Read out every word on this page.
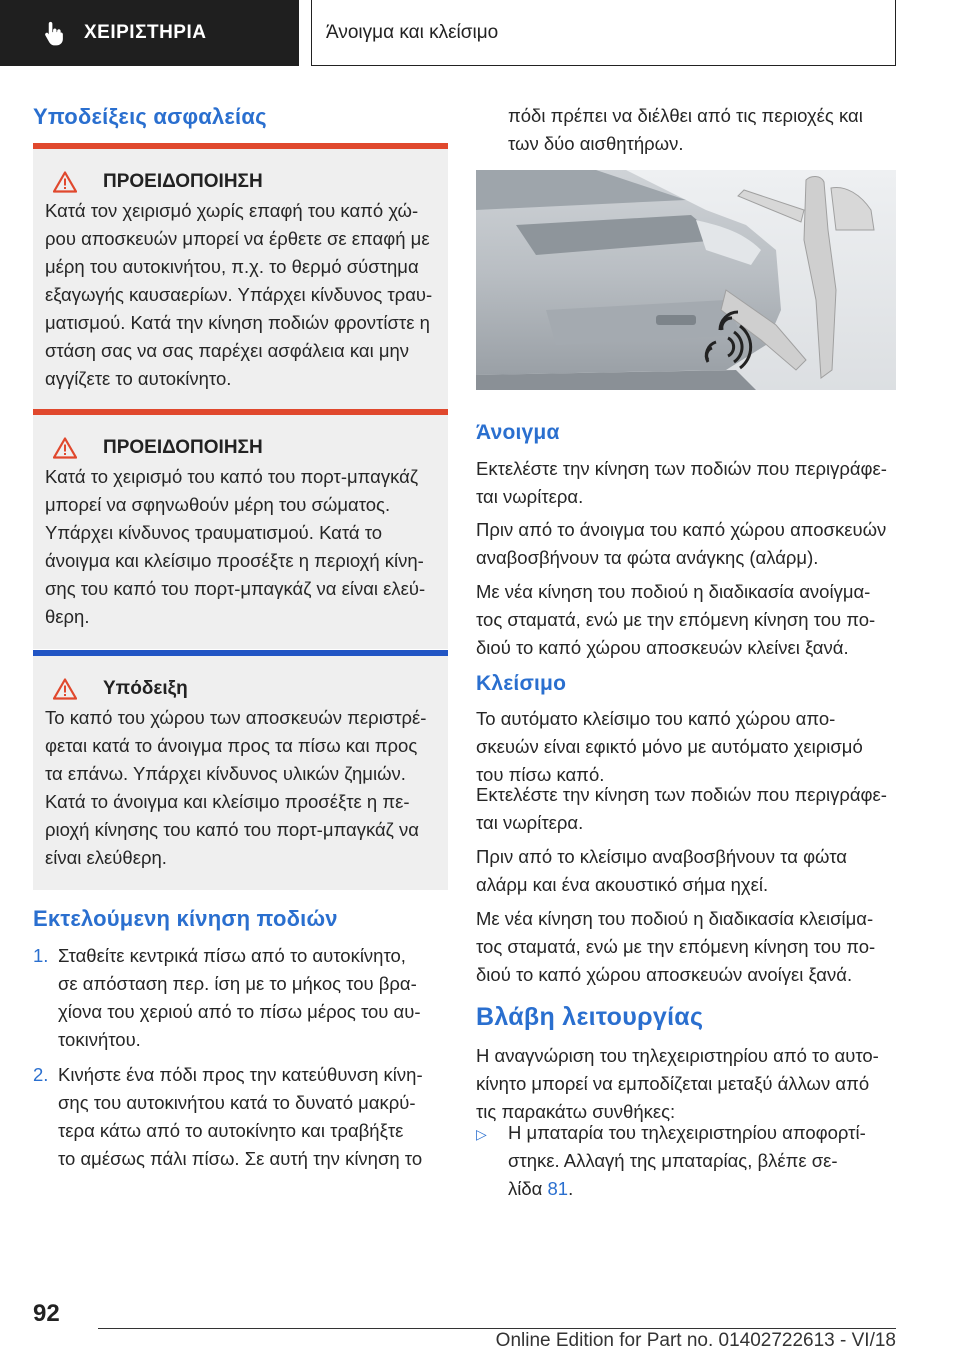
ΧΕΙΡΙΣΤΗΡΙΑ	Άνοιγμα και κλείσιμο
Υποδείξεις ασφαλείας
ΠΡΟΕΙΔΟΠΟΙΗΣΗ

Κατά τον χειρισμό χωρίς επαφή του καπό χώ-
ρου αποσκευών μπορεί να έρθετε σε επαφή με
μέρη του αυτοκινήτου, π.χ. το θερμό σύστημα
εξαγωγής καυσαερίων. Υπάρχει κίνδυνος τραυ-
ματισμού. Κατά την κίνηση ποδιών φροντίστε η
στάση σας να σας παρέχει ασφάλεια και μην
αγγίζετε το αυτοκίνητο.

ΠΡΟΕΙΔΟΠΟΙΗΣΗ

Κατά το χειρισμό του καπό του πορτ-μπαγκάζ
μπορεί να σφηνωθούν μέρη του σώματος.
Υπάρχει κίνδυνος τραυματισμού. Κατά το
άνοιγμα και κλείσιμο προσέξτε η περιοχή κίνη-
σης του καπό του πορτ-μπαγκάζ να είναι ελεύ-
θερη.

Υπόδειξη

Το καπό του χώρου των αποσκευών περιστρέ-
φεται κατά το άνοιγμα προς τα πίσω και προς
τα επάνω. Υπάρχει κίνδυνος υλικών ζημιών.
Κατά το άνοιγμα και κλείσιμο προσέξτε η πε-
ριοχή κίνησης του καπό του πορτ-μπαγκάζ να
είναι ελεύθερη.

Εκτελούμενη κίνηση ποδιών
1. Σταθείτε κεντρικά πίσω από το αυτοκίνητο,
σε απόσταση περ. ίση με το μήκος του βρα-
χίονα του χεριού από το πίσω μέρος του αυ-
τοκινήτου.
2. Κινήστε ένα πόδι προς την κατεύθυνση κίνη-
σης του αυτοκινήτου κατά το δυνατό μακρύ-
τερα κάτω από το αυτοκίνητο και τραβήξτε
το αμέσως πάλι πίσω. Σε αυτή την κίνηση το

πόδι πρέπει να διέλθει από τις περιοχές και
των δύο αισθητήρων.

Άνοιγμα

Εκτελέστε την κίνηση των ποδιών που περιγράφε-
ται νωρίτερα.

Πριν από το άνοιγμα του καπό χώρου αποσκευών
αναβοσβήνουν τα φώτα ανάγκης (αλάρμ).

Με νέα κίνηση του ποδιού η διαδικασία ανοίγμα-
τος σταματά, ενώ με την επόμενη κίνηση του πο-
διού το καπό χώρου αποσκευών κλείνει ξανά.

Κλείσιμο

Το αυτόματο κλείσιμο του καπό χώρου απο-
σκευών είναι εφικτό μόνο με αυτόματο χειρισμό
του πίσω καπό.

Εκτελέστε την κίνηση των ποδιών που περιγράφε-
ται νωρίτερα.

Πριν από το κλείσιμο αναβοσβήνουν τα φώτα
αλάρμ και ένα ακουστικό σήμα ηχεί.

Με νέα κίνηση του ποδιού η διαδικασία κλεισίμα-
τος σταματά, ενώ με την επόμενη κίνηση του πο-
διού το καπό χώρου αποσκευών ανοίγει ξανά.

Βλάβη λειτουργίας

Η αναγνώριση του τηλεχειριστηρίου από το αυτο-
κίνητο μπορεί να εμποδίζεται μεταξύ άλλων από
τις παρακάτω συνθήκες:

▷	Η μπαταρία του τηλεχειριστηρίου αποφορτί-
στηκε. Αλλαγή της μπαταρίας, βλέπε σε-
λίδα 81.
92
Online Edition for Part no. 01402722613 - VI/18
